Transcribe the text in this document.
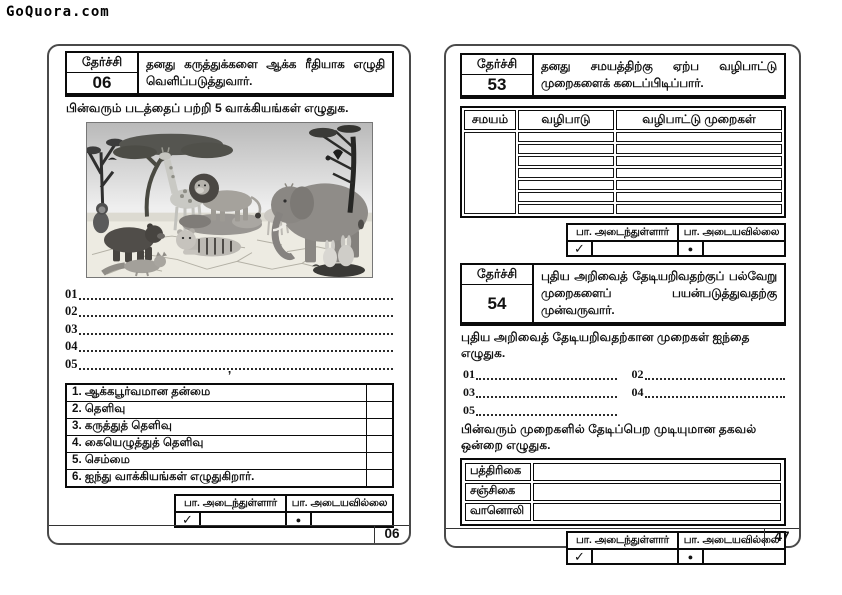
GoQuora.com
தேர்ச்சி
06
தனது கருத்துக்களை ஆக்க ரீதியாக எழுதி வெளிப்படுத்துவார்.
பின்வரும் படத்தைப் பற்றி 5 வாக்கியங்கள் எழுதுக.
01
02
03
04
05
’
1. ஆக்கபூர்வமான தன்மை	
2. தெளிவு	
3. கருத்துத் தெளிவு	
4. கையெழுத்துத் தெளிவு	
5. செம்மை	
6. ஐந்து வாக்கியங்கள் எழுதுகிறார்.	
பா. அடைந்துள்ளார்	பா. அடையவில்லை
✓	●
06
தேர்ச்சி
53
தனது சமயத்திற்கு ஏற்ப வழிபாட்டு முறைகளைக் கடைப்பிடிப்பார்.
சமயம்	வழிபாடு	வழிபாட்டு முறைகள்

பா. அடைந்துள்ளார்	பா. அடையவில்லை
✓	●
தேர்ச்சி
54
புதிய அறிவைத் தேடியறிவதற்குப் பல்வேறு முறைகளைப் பயன்படுத்துவதற்கு முன்வருவார்.
புதிய அறிவைத் தேடியறிவதற்கான முறைகள் ஐந்தை எழுதுக.
01	02
03	04
05
பின்வரும் முறைகளில் தேடிப்பெற முடியுமான தகவல் ஒன்றை எழுதுக.
பத்திரிகை	
சஞ்சிகை	
வானொலி	
பா. அடைந்துள்ளார்	பா. அடையவில்லை
✓	●
47
